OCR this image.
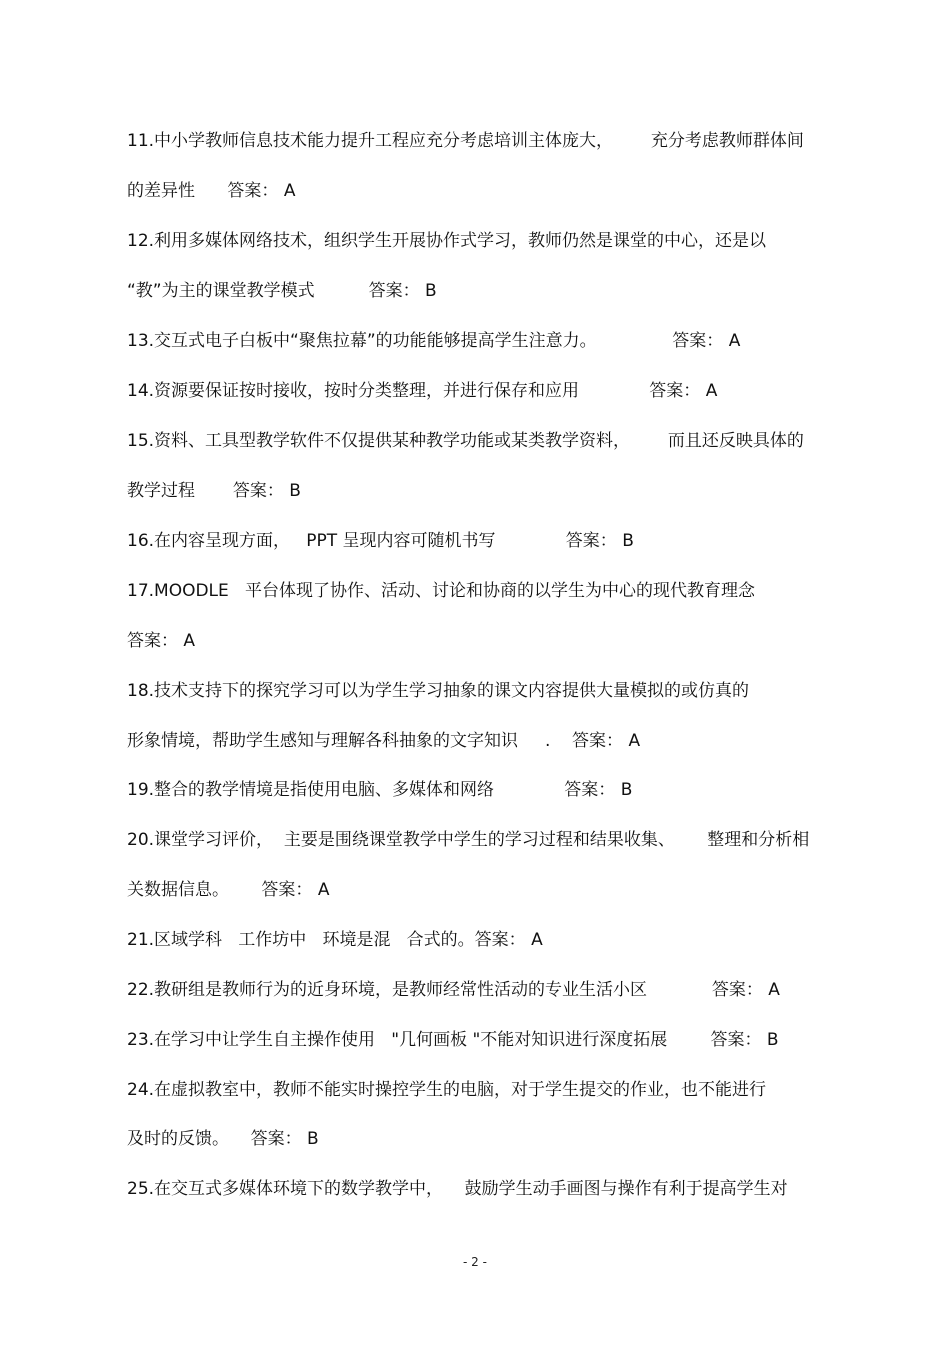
11.中小学教师信息技术能力提升工程应充分考虑培训主体庞大，       充分考虑教师群体间
的差异性      答案： A
12.利用多媒体网络技术，组织学生开展协作式学习，教师仍然是课堂的中心，还是以
“教”为主的课堂教学模式          答案： B
13.交互式电子白板中“聚焦拉幕”的功能能够提高学生注意力。              答案： A
14.资源要保证按时接收，按时分类整理，并进行保存和应用             答案： A
15.资料、工具型教学软件不仅提供某种教学功能或某类教学资料，       而且还反映具体的
教学过程       答案： B
16.在内容呈现方面，   PPT 呈现内容可随机书写             答案： B
17.MOODLE   平台体现了协作、活动、讨论和协商的以学生为中心的现代教育理念
答案： A
18.技术支持下的探究学习可以为学生学习抽象的课文内容提供大量模拟的或仿真的
形象情境，帮助学生感知与理解各科抽象的文字知识     .    答案： A
19.整合的教学情境是指使用电脑、多媒体和网络             答案： B
20.课堂学习评价，  主要是围绕课堂教学中学生的学习过程和结果收集、      整理和分析相
关数据信息。      答案： A
21.区域学科   工作坊中   环境是混   合式的。答案： A
22.教研组是教师行为的近身环境，是教师经常性活动的专业生活小区            答案： A
23.在学习中让学生自主操作使用   "几何画板 "不能对知识进行深度拓展        答案： B
24.在虚拟教室中，教师不能实时操控学生的电脑，对于学生提交的作业，也不能进行
及时的反馈。    答案： B
25.在交互式多媒体环境下的数学教学中，    鼓励学生动手画图与操作有利于提高学生对
- 2 -
